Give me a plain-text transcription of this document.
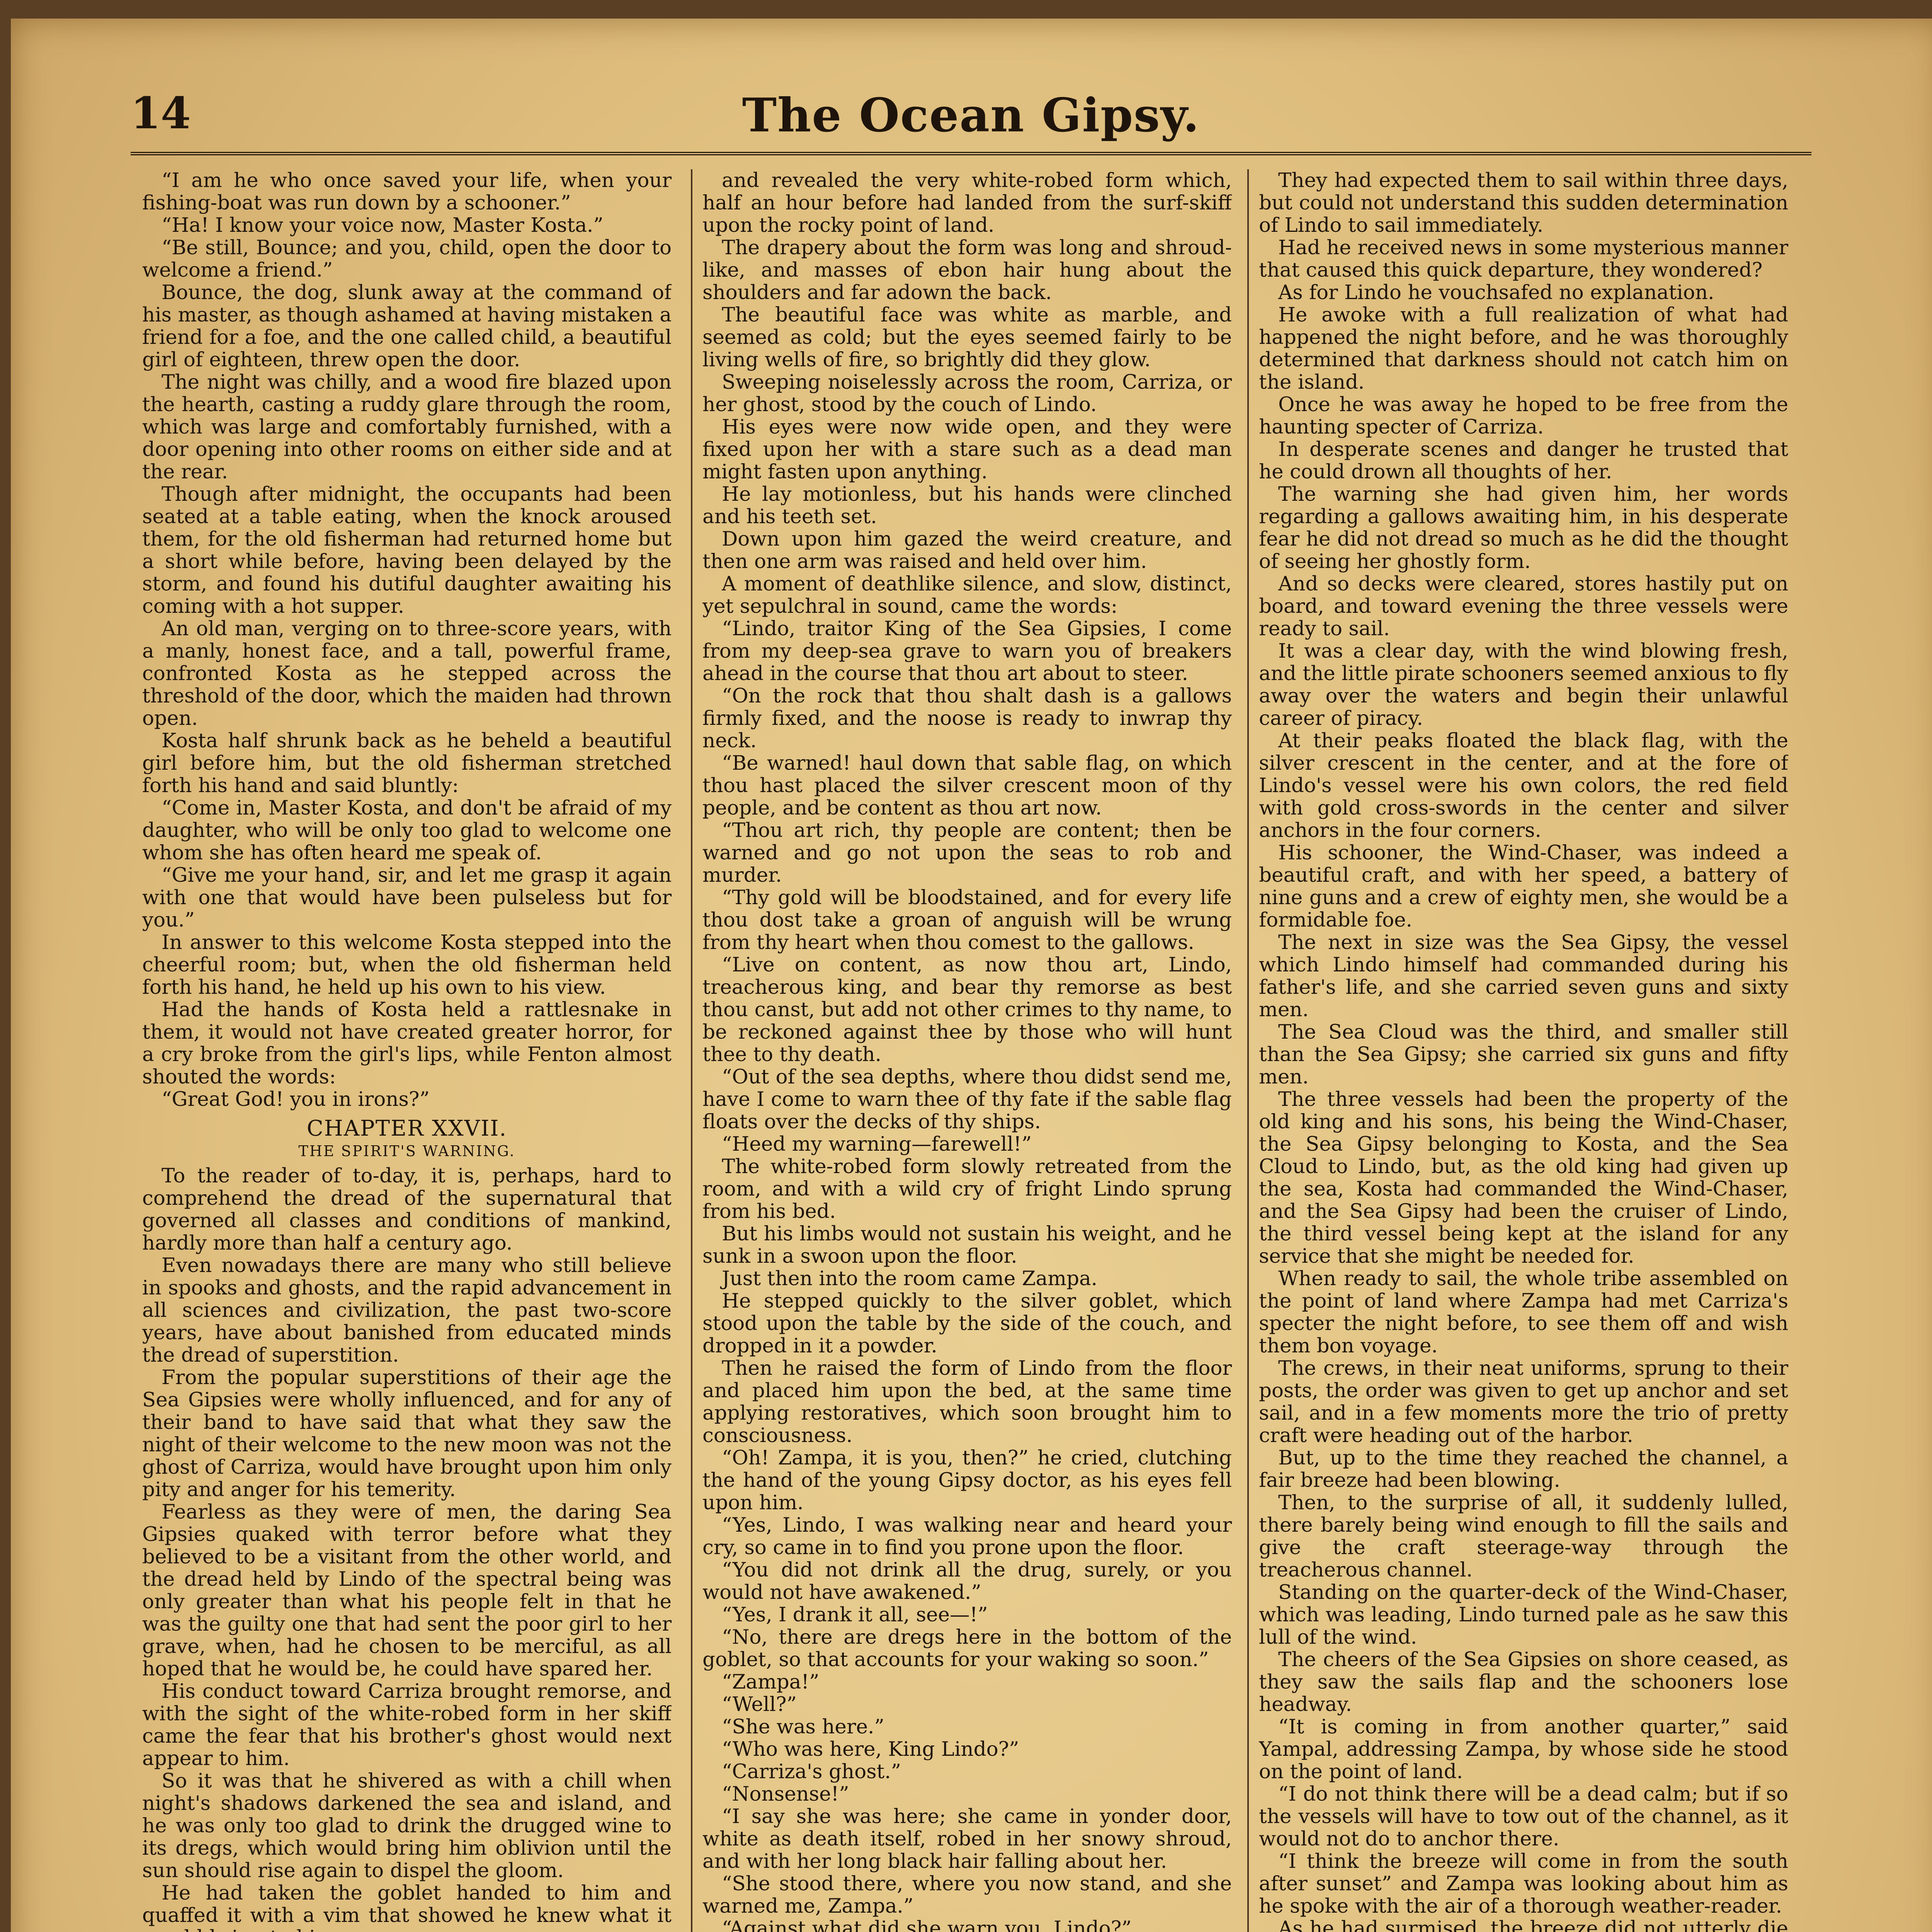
14	The Ocean Gipsy.

“I am he who once saved your life, when your fishing-boat was run down by a schooner.”

“Ha! I know your voice now, Master Kosta.”

“Be still, Bounce; and you, child, open the door to welcome a friend.”

Bounce, the dog, slunk away at the command of his master, as though ashamed at having mistaken a friend for a foe, and the one called child, a beautiful girl of eighteen, threw open the door.

The night was chilly, and a wood fire blazed upon the hearth, casting a ruddy glare through the room, which was large and comfortably furnished, with a door opening into other rooms on either side and at the rear.

Though after midnight, the occupants had been seated at a table eating, when the knock aroused them, for the old fisherman had returned home but a short while before, having been delayed by the storm, and found his dutiful daughter awaiting his coming with a hot supper.

An old man, verging on to three-score years, with a manly, honest face, and a tall, powerful frame, confronted Kosta as he stepped across the threshold of the door, which the maiden had thrown open.

Kosta half shrunk back as he beheld a beautiful girl before him, but the old fisherman stretched forth his hand and said bluntly:

“Come in, Master Kosta, and don't be afraid of my daughter, who will be only too glad to welcome one whom she has often heard me speak of.

“Give me your hand, sir, and let me grasp it again with one that would have been pulseless but for you.”

In answer to this welcome Kosta stepped into the cheerful room; but, when the old fisherman held forth his hand, he held up his own to his view.

Had the hands of Kosta held a rattlesnake in them, it would not have created greater horror, for a cry broke from the girl's lips, while Fenton almost shouted the words:

“Great God! you in irons?”

CHAPTER XXVII.
THE SPIRIT'S WARNING.

To the reader of to-day, it is, perhaps, hard to comprehend the dread of the supernatural that governed all classes and conditions of mankind, hardly more than half a century ago.

Even nowadays there are many who still believe in spooks and ghosts, and the rapid advancement in all sciences and civilization, the past two-score years, have about banished from educated minds the dread of superstition.

From the popular superstitions of their age the Sea Gipsies were wholly influenced, and for any of their band to have said that what they saw the night of their welcome to the new moon was not the ghost of Carriza, would have brought upon him only pity and anger for his temerity.

Fearless as they were of men, the daring Sea Gipsies quaked with terror before what they believed to be a visitant from the other world, and the dread held by Lindo of the spectral being was only greater than what his people felt in that he was the guilty one that had sent the poor girl to her grave, when, had he chosen to be merciful, as all hoped that he would be, he could have spared her.

His conduct toward Carriza brought remorse, and with the sight of the white-robed form in her skiff came the fear that his brother's ghost would next appear to him.

So it was that he shivered as with a chill when night's shadows darkened the sea and island, and he was only too glad to drink the drugged wine to its dregs, which would bring him oblivion until the sun should rise again to dispel the gloom.

He had taken the goblet handed to him and quaffed it with a vim that showed he knew what it

and revealed the very white-robed form which, half an hour before had landed from the surf-skiff upon the rocky point of land.

The drapery about the form was long and shroud-like, and masses of ebon hair hung about the shoulders and far adown the back.

The beautiful face was white as marble, and seemed as cold; but the eyes seemed fairly to be living wells of fire, so brightly did they glow.

Sweeping noiselessly across the room, Carriza, or her ghost, stood by the couch of Lindo.

His eyes were now wide open, and they were fixed upon her with a stare such as a dead man might fasten upon anything.

He lay motionless, but his hands were clinched and his teeth set.

Down upon him gazed the weird creature, and then one arm was raised and held over him.

A moment of deathlike silence, and slow, distinct, yet sepulchral in sound, came the words:

“Lindo, traitor King of the Sea Gipsies, I come from my deep-sea grave to warn you of breakers ahead in the course that thou art about to steer.

“On the rock that thou shalt dash is a gallows firmly fixed, and the noose is ready to inwrap thy neck.

“Be warned! haul down that sable flag, on which thou hast placed the silver crescent moon of thy people, and be content as thou art now.

“Thou art rich, thy people are content; then be warned and go not upon the seas to rob and murder.

“Thy gold will be bloodstained, and for every life thou dost take a groan of anguish will be wrung from thy heart when thou comest to the gallows.

“Live on content, as now thou art, Lindo, treacherous king, and bear thy remorse as best thou canst, but add not other crimes to thy name, to be reckoned against thee by those who will hunt thee to thy death.

“Out of the sea depths, where thou didst send me, have I come to warn thee of thy fate if the sable flag floats over the decks of thy ships.

“Heed my warning—farewell!”

The white-robed form slowly retreated from the room, and with a wild cry of fright Lindo sprung from his bed.

But his limbs would not sustain his weight, and he sunk in a swoon upon the floor.

Just then into the room came Zampa.

He stepped quickly to the silver goblet, which stood upon the table by the side of the couch, and dropped in it a powder.

Then he raised the form of Lindo from the floor and placed him upon the bed, at the same time applying restoratives, which soon brought him to consciousness.

“Oh! Zampa, it is you, then?” he cried, clutching the hand of the young Gipsy doctor, as his eyes fell upon him.

“Yes, Lindo, I was walking near and heard your cry, so came in to find you prone upon the floor.

“You did not drink all the drug, surely, or you would not have awakened.”

“Yes, I drank it all, see—!”

“No, there are dregs here in the bottom of the goblet, so that accounts for your waking so soon.”

“Zampa!”

“Well?”

“She was here.”

“Who was here, King Lindo?”

“Carriza's ghost.”

“Nonsense!”

“I say she was here; she came in yonder door, white as death itself, robed in her snowy shroud, and with her long black hair falling about her.

“She stood there, where you now stand, and she warned me, Zampa.”

“Against what did she warn you, Lindo?”

They had expected them to sail within three days, but could not understand this sudden determination of Lindo to sail immediately.

Had he received news in some mysterious manner that caused this quick departure, they wondered?

As for Lindo he vouchsafed no explanation.

He awoke with a full realization of what had happened the night before, and he was thoroughly determined that darkness should not catch him on the island.

Once he was away he hoped to be free from the haunting specter of Carriza.

In desperate scenes and danger he trusted that he could drown all thoughts of her.

The warning she had given him, her words regarding a gallows awaiting him, in his desperate fear he did not dread so much as he did the thought of seeing her ghostly form.

And so decks were cleared, stores hastily put on board, and toward evening the three vessels were ready to sail.

It was a clear day, with the wind blowing fresh, and the little pirate schooners seemed anxious to fly away over the waters and begin their unlawful career of piracy.

At their peaks floated the black flag, with the silver crescent in the center, and at the fore of Lindo's vessel were his own colors, the red field with gold cross-swords in the center and silver anchors in the four corners.

His schooner, the Wind-Chaser, was indeed a beautiful craft, and with her speed, a battery of nine guns and a crew of eighty men, she would be a formidable foe.

The next in size was the Sea Gipsy, the vessel which Lindo himself had commanded during his father's life, and she carried seven guns and sixty men.

The Sea Cloud was the third, and smaller still than the Sea Gipsy; she carried six guns and fifty men.

The three vessels had been the property of the old king and his sons, his being the Wind-Chaser, the Sea Gipsy belonging to Kosta, and the Sea Cloud to Lindo, but, as the old king had given up the sea, Kosta had commanded the Wind-Chaser, and the Sea Gipsy had been the cruiser of Lindo, the third vessel being kept at the island for any service that she might be needed for.

When ready to sail, the whole tribe assembled on the point of land where Zampa had met Carriza's specter the night before, to see them off and wish them bon voyage.

The crews, in their neat uniforms, sprung to their posts, the order was given to get up anchor and set sail, and in a few moments more the trio of pretty craft were heading out of the harbor.

But, up to the time they reached the channel, a fair breeze had been blowing.

Then, to the surprise of all, it suddenly lulled, there barely being wind enough to fill the sails and give the craft steerage-way through the treacherous channel.

Standing on the quarter-deck of the Wind-Chaser, which was leading, Lindo turned pale as he saw this lull of the wind.

The cheers of the Sea Gipsies on shore ceased, as they saw the sails flap and the schooners lose headway.

“It is coming in from another quarter,” said Yampal, addressing Zampa, by whose side he stood on the point of land.

“I do not think there will be a dead calm; but if so the vessels will have to tow out of the channel, as it would not do to anchor there.

“I think the breeze will come in from the south after sunset” and Zampa was looking about him as he spoke with the air of a thorough weather-reader.

As he had surmised, the breeze did not utterly die
